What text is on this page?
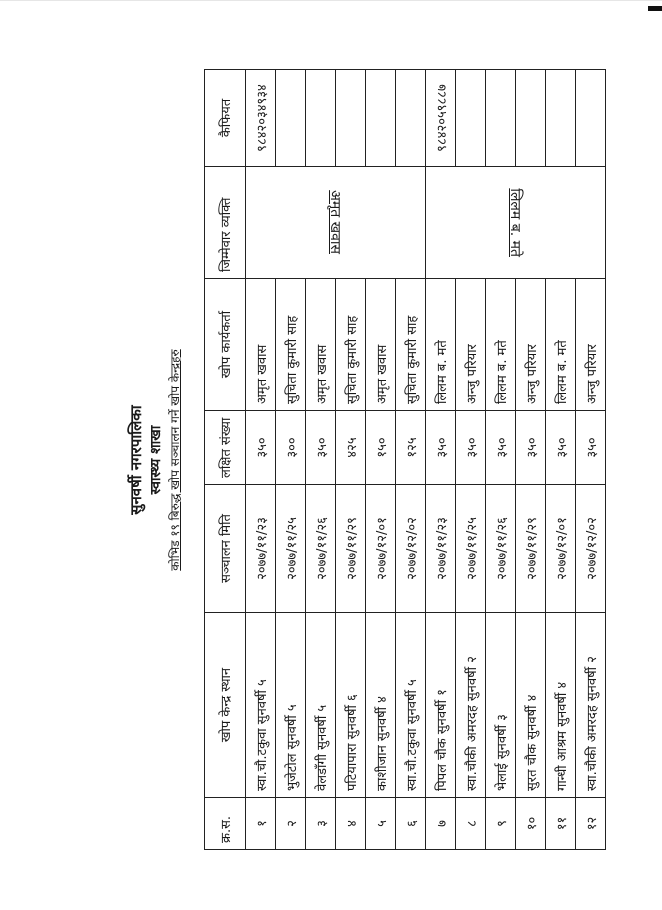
सुनवर्षी नगरपालिका स्वास्थ्य शाखा कोभिड १९ बिरुद्ध खोप सञ्चालन गर्ने खोप केन्द्रहरु
क्र.स.	खोप केन्द्र स्थान	सञ्चालन मिति	लक्षित संख्या	खोप कार्यकर्ता	जिम्मेवार व्यक्ति	कैफियत
१	स्वा.चौ.टकुवा सुनवर्षी ५	२०७७/११/२३	३५०	अमृत खवास	अमृत खवास	९८४२०३४९३४
२	भुजेटोल सुनवर्षी ५	२०७७/११/२५	३००	सुचिता कुमारी साह		
३	वेलडाँगी सुनवर्षी ५	२०७७/११/२६	३५०	अमृत खवास		
४	पटियापारा सुनवर्षी ६	२०७७/११/२९	४२५	सुचिता कुमारी साह		
५	काशीजान सुनवर्षी ४	२०७७/१२/०१	१५०	अमृत खवास		
६	स्वा.चौ.टकुवा सुनवर्षी ५	२०७७/१२/०२	१२५	सुचिता कुमारी साह		
७	पिपल चौक सुनवर्षी १	२०७७/११/२३	३५०	लिलम ब. मते	लिलम ब. मते	९८४२०५९८८७
८	स्वा.चौकी अमरदह सुनवर्षी २	२०७७/११/२५	३५०	अन्जु परियार		
९	भेलाई सुनवर्षी ३	२०७७/११/२६	३५०	लिलम ब. मते		
१०	सुरत चौक सुनवर्षी ४	२०७७/११/२९	३५०	अन्जु परियार		
११	गान्धी आश्रम सुनवर्षी ४	२०७७/१२/०१	३५०	लिलम ब. मते		
१२	स्वा.चौकी अमरदह सुनवर्षी २	२०७७/१२/०२	३५०	अन्जु परियार		
